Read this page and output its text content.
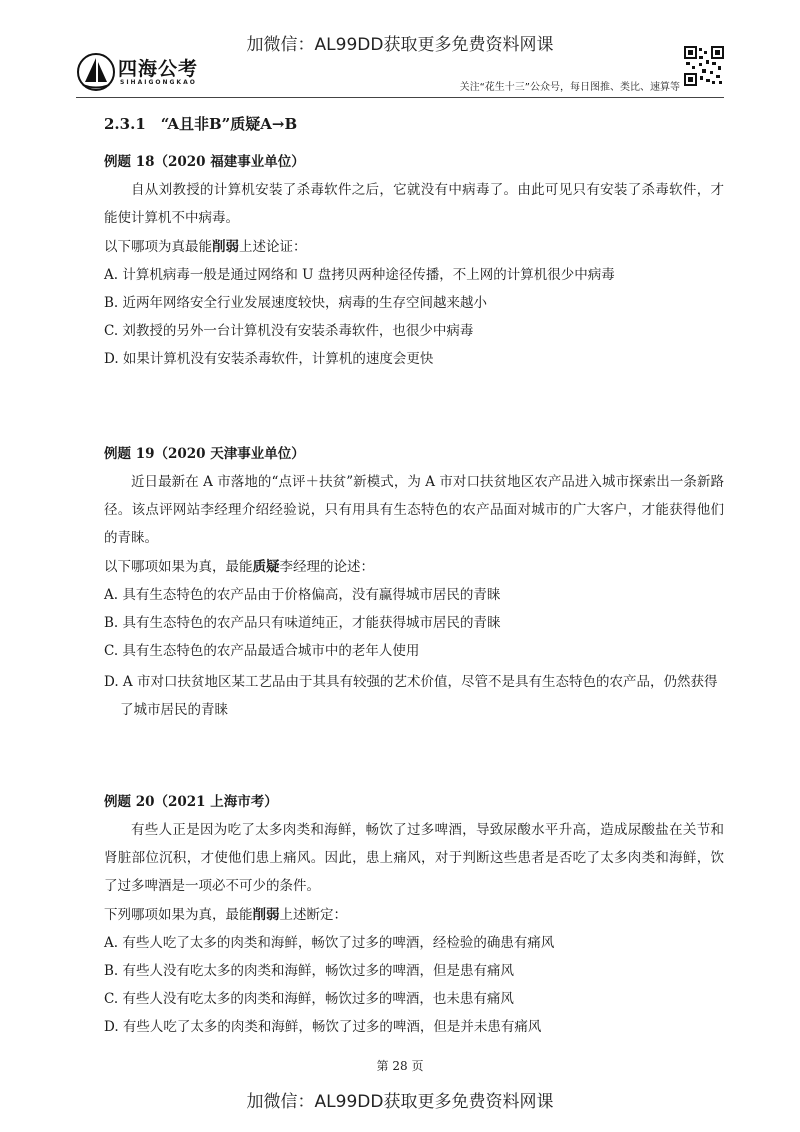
加微信：AL99DD获取更多免费资料网课
四海公考
SIHAIGONGKAO	关注“花生十三”公众号，每日图推、类比、速算等
2.3.1　“A且非B”质疑A→B

例题 18（2020 福建事业单位）

自从刘教授的计算机安装了杀毒软件之后，它就没有中病毒了。由此可见只有安装了杀毒软件，才能使计算机不中病毒。

以下哪项为真最能削弱上述论证：

A. 计算机病毒一般是通过网络和 U 盘拷贝两种途径传播，不上网的计算机很少中病毒

B. 近两年网络安全行业发展速度较快，病毒的生存空间越来越小

C. 刘教授的另外一台计算机没有安装杀毒软件，也很少中病毒

D. 如果计算机没有安装杀毒软件，计算机的速度会更快

例题 19（2020 天津事业单位）

近日最新在 A 市落地的“点评＋扶贫”新模式，为 A 市对口扶贫地区农产品进入城市探索出一条新路径。该点评网站李经理介绍经验说，只有用具有生态特色的农产品面对城市的广大客户，才能获得他们的青睐。

以下哪项如果为真，最能质疑李经理的论述：

A. 具有生态特色的农产品由于价格偏高，没有赢得城市居民的青睐

B. 具有生态特色的农产品只有味道纯正，才能获得城市居民的青睐

C. 具有生态特色的农产品最适合城市中的老年人使用

D. A 市对口扶贫地区某工艺品由于其具有较强的艺术价值，尽管不是具有生态特色的农产品，仍然获得了城市居民的青睐

例题 20（2021 上海市考）

有些人正是因为吃了太多肉类和海鲜，畅饮了过多啤酒，导致尿酸水平升高，造成尿酸盐在关节和肾脏部位沉积，才使他们患上痛风。因此，患上痛风，对于判断这些患者是否吃了太多肉类和海鲜，饮了过多啤酒是一项必不可少的条件。

下列哪项如果为真，最能削弱上述断定：

A. 有些人吃了太多的肉类和海鲜，畅饮了过多的啤酒，经检验的确患有痛风

B. 有些人没有吃太多的肉类和海鲜，畅饮过多的啤酒，但是患有痛风

C. 有些人没有吃太多的肉类和海鲜，畅饮过多的啤酒，也未患有痛风

D. 有些人吃了太多的肉类和海鲜，畅饮了过多的啤酒，但是并未患有痛风

第 28 页
加微信：AL99DD获取更多免费资料网课
